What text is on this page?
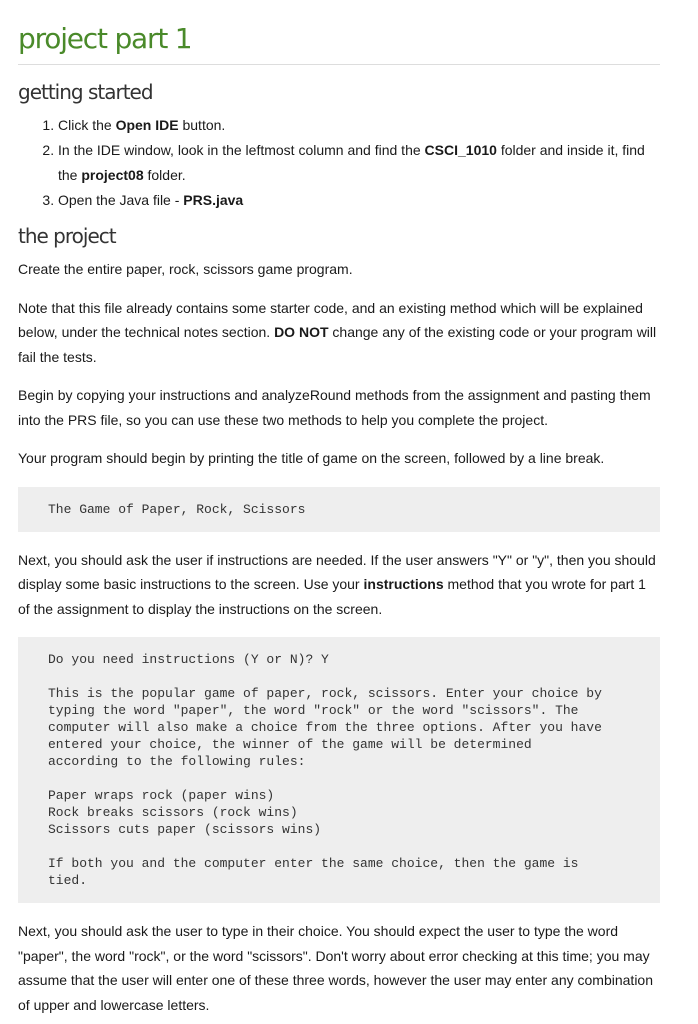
project part 1
getting started
1. Click the Open IDE button.
2. In the IDE window, look in the leftmost column and find the CSCI_1010 folder and inside it, find the project08 folder.
3. Open the Java file - PRS.java
the project

Create the entire paper, rock, scissors game program.

Note that this file already contains some starter code, and an existing method which will be explained below, under the technical notes section. DO NOT change any of the existing code or your program will fail the tests.

Begin by copying your instructions and analyzeRound methods from the assignment and pasting them into the PRS file, so you can use these two methods to help you complete the project.

Your program should begin by printing the title of game on the screen, followed by a line break.

The Game of Paper, Rock, Scissors

Next, you should ask the user if instructions are needed. If the user answers "Y" or "y", then you should display some basic instructions to the screen. Use your instructions method that you wrote for part 1 of the assignment to display the instructions on the screen.

Do you need instructions (Y or N)? Y

This is the popular game of paper, rock, scissors. Enter your choice by
typing the word "paper", the word "rock" or the word "scissors". The
computer will also make a choice from the three options. After you have
entered your choice, the winner of the game will be determined
according to the following rules:

Paper wraps rock (paper wins)
Rock breaks scissors (rock wins)
Scissors cuts paper (scissors wins)

If both you and the computer enter the same choice, then the game is
tied.

Next, you should ask the user to type in their choice. You should expect the user to type the word "paper", the word "rock", or the word "scissors". Don't worry about error checking at this time; you may assume that the user will enter one of these three words, however the user may enter any combination of upper and lowercase letters.
